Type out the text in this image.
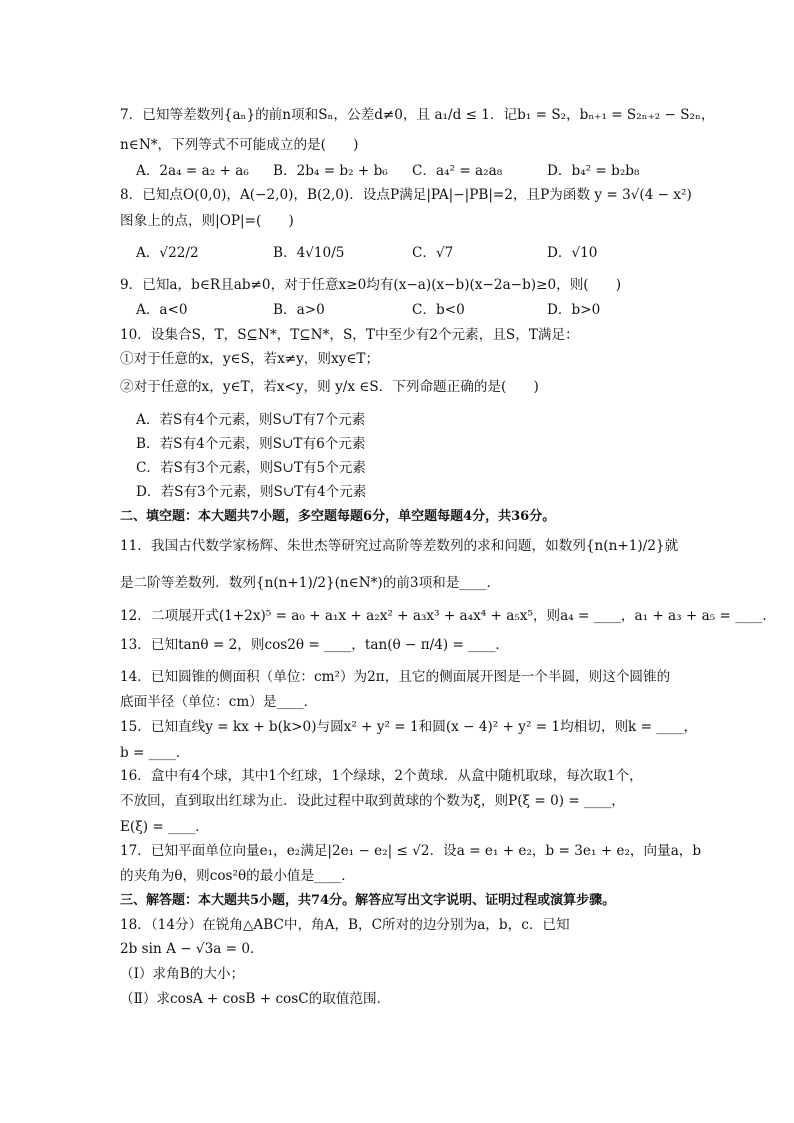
7．已知等差数列{aₙ}的前n项和Sₙ，公差d≠0，且 a₁/d ≤ 1．记b₁ = S₂，bₙ₊₁ = S₂ₙ₊₂ − S₂ₙ，
n∈N*，下列等式不可能成立的是(　　)
A．2a₄ = a₂ + a₆ B．2b₄ = b₂ + b₆ C．a₄² = a₂a₈	D．b₄² = b₂b₈
8．已知点O(0,0)，A(−2,0)，B(2,0)．设点P满足|PA|−|PB|=2，且P为函数 y = 3√(4 − x²)
图象上的点，则|OP|=(　　)
A．√22/2	B．4√10/5	C．√7	D．√10
9．已知a，b∈R且ab≠0，对于任意x≥0均有(x−a)(x−b)(x−2a−b)≥0，则(　　)
A．a<0	B．a>0	C．b<0	D．b>0
10．设集合S，T，S⊆N*，T⊆N*，S，T中至少有2个元素，且S，T满足：
①对于任意的x，y∈S，若x≠y，则xy∈T；
②对于任意的x，y∈T，若x<y，则 y/x ∈S．下列命题正确的是(　　)
A．若S有4个元素，则S∪T有7个元素
B．若S有4个元素，则S∪T有6个元素
C．若S有3个元素，则S∪T有5个元素
D．若S有3个元素，则S∪T有4个元素
二、填空题：本大题共7小题，多空题每题6分，单空题每题4分，共36分。
11．我国古代数学家杨辉、朱世杰等研究过高阶等差数列的求和问题，如数列{n(n+1)/2}就
是二阶等差数列．数列{n(n+1)/2}(n∈N*)的前3项和是____．
12．二项展开式(1+2x)⁵ = a₀ + a₁x + a₂x² + a₃x³ + a₄x⁴ + a₅x⁵，则a₄ = ____，a₁ + a₃ + a₅ = ____．
13．已知tanθ = 2，则cos2θ = ____，tan(θ − π/4) = ____．
14．已知圆锥的侧面积（单位：cm²）为2π，且它的侧面展开图是一个半圆，则这个圆锥的
底面半径（单位：cm）是____．
15．已知直线y = kx + b(k>0)与圆x² + y² = 1和圆(x − 4)² + y² = 1均相切，则k = ____，
b = ____．
16．盒中有4个球，其中1个红球，1个绿球，2个黄球．从盒中随机取球，每次取1个，
不放回，直到取出红球为止．设此过程中取到黄球的个数为ξ，则P(ξ = 0) = ____，
E(ξ) = ____．
17．已知平面单位向量e₁，e₂满足|2e₁ − e₂| ≤ √2．设a = e₁ + e₂，b = 3e₁ + e₂，向量a，b
的夹角为θ，则cos²θ的最小值是____．
三、解答题：本大题共5小题，共74分。解答应写出文字说明、证明过程或演算步骤。
18．（14分）在锐角△ABC中，角A，B，C所对的边分别为a，b，c．已知
2b sin A − √3a = 0．
（Ⅰ）求角B的大小；
（Ⅱ）求cosA + cosB + cosC的取值范围．
